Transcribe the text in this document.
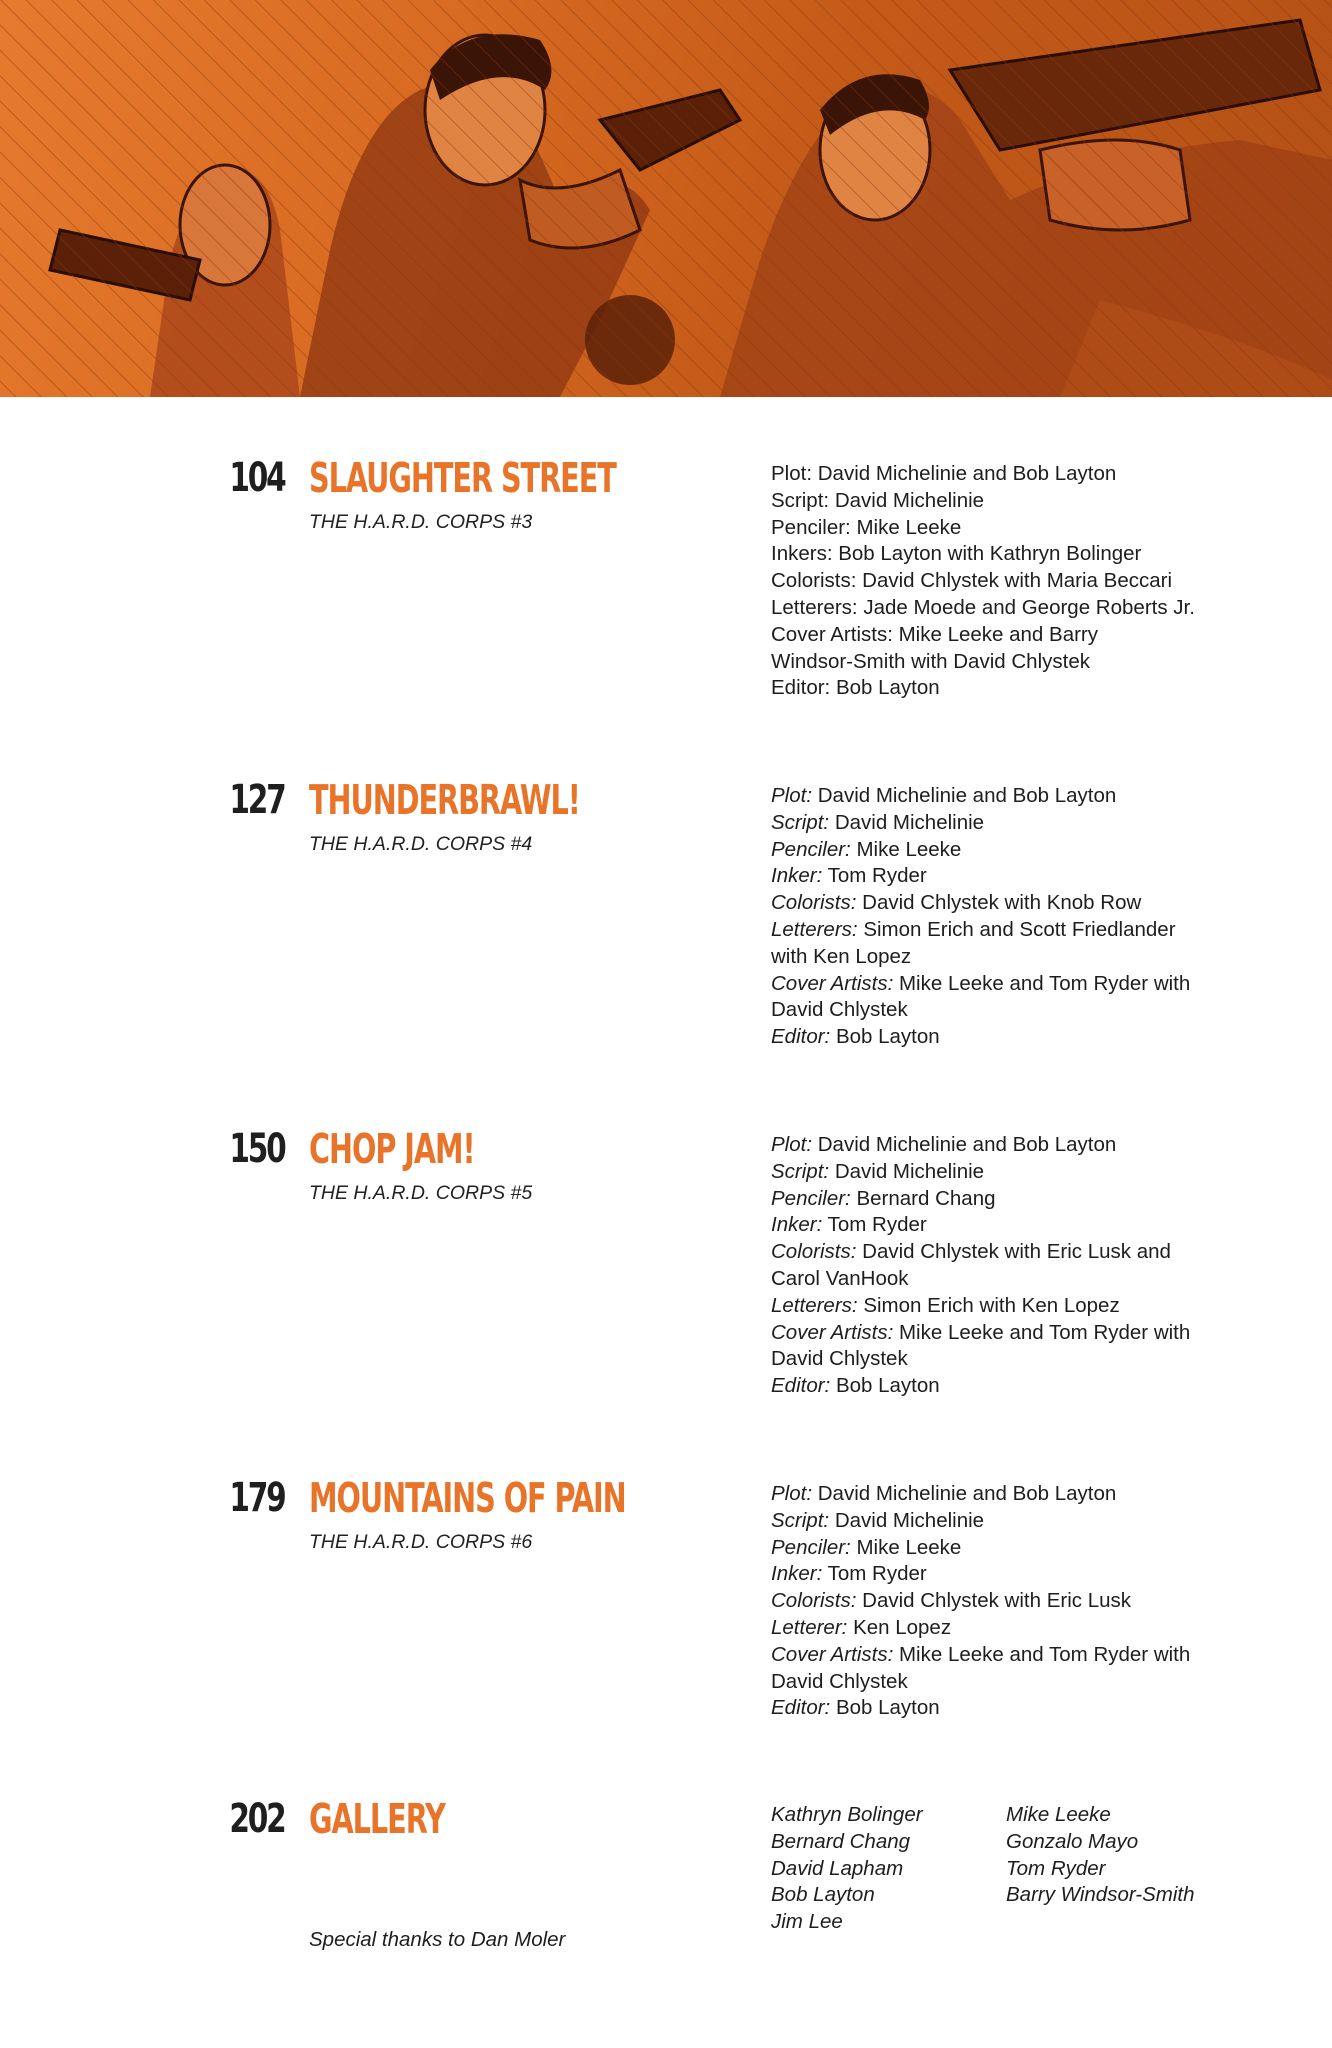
104 SLAUGHTER STREET
THE H.A.R.D. CORPS #3
Plot: David Michelinie and Bob Layton
Script: David Michelinie
Penciler: Mike Leeke
Inkers: Bob Layton with Kathryn Bolinger
Colorists: David Chlystek with Maria Beccari
Letterers: Jade Moede and George Roberts Jr.
Cover Artists: Mike Leeke and Barry
Windsor-Smith with David Chlystek
Editor: Bob Layton
127 THUNDERBRAWL!
THE H.A.R.D. CORPS #4
Plot: David Michelinie and Bob Layton
Script: David Michelinie
Penciler: Mike Leeke
Inker: Tom Ryder
Colorists: David Chlystek with Knob Row
Letterers: Simon Erich and Scott Friedlander
with Ken Lopez
Cover Artists: Mike Leeke and Tom Ryder with
David Chlystek
Editor: Bob Layton
150 CHOP JAM!
THE H.A.R.D. CORPS #5
Plot: David Michelinie and Bob Layton
Script: David Michelinie
Penciler: Bernard Chang
Inker: Tom Ryder
Colorists: David Chlystek with Eric Lusk and
Carol VanHook
Letterers: Simon Erich with Ken Lopez
Cover Artists: Mike Leeke and Tom Ryder with
David Chlystek
Editor: Bob Layton
179 MOUNTAINS OF PAIN
THE H.A.R.D. CORPS #6
Plot: David Michelinie and Bob Layton
Script: David Michelinie
Penciler: Mike Leeke
Inker: Tom Ryder
Colorists: David Chlystek with Eric Lusk
Letterer: Ken Lopez
Cover Artists: Mike Leeke and Tom Ryder with
David Chlystek
Editor: Bob Layton
202 GALLERY	Kathryn Bolinger
Bernard Chang
David Lapham
Bob Layton
Jim Lee
Mike Leeke
Gonzalo Mayo
Tom Ryder
Barry Windsor-Smith
Special thanks to Dan Moler
